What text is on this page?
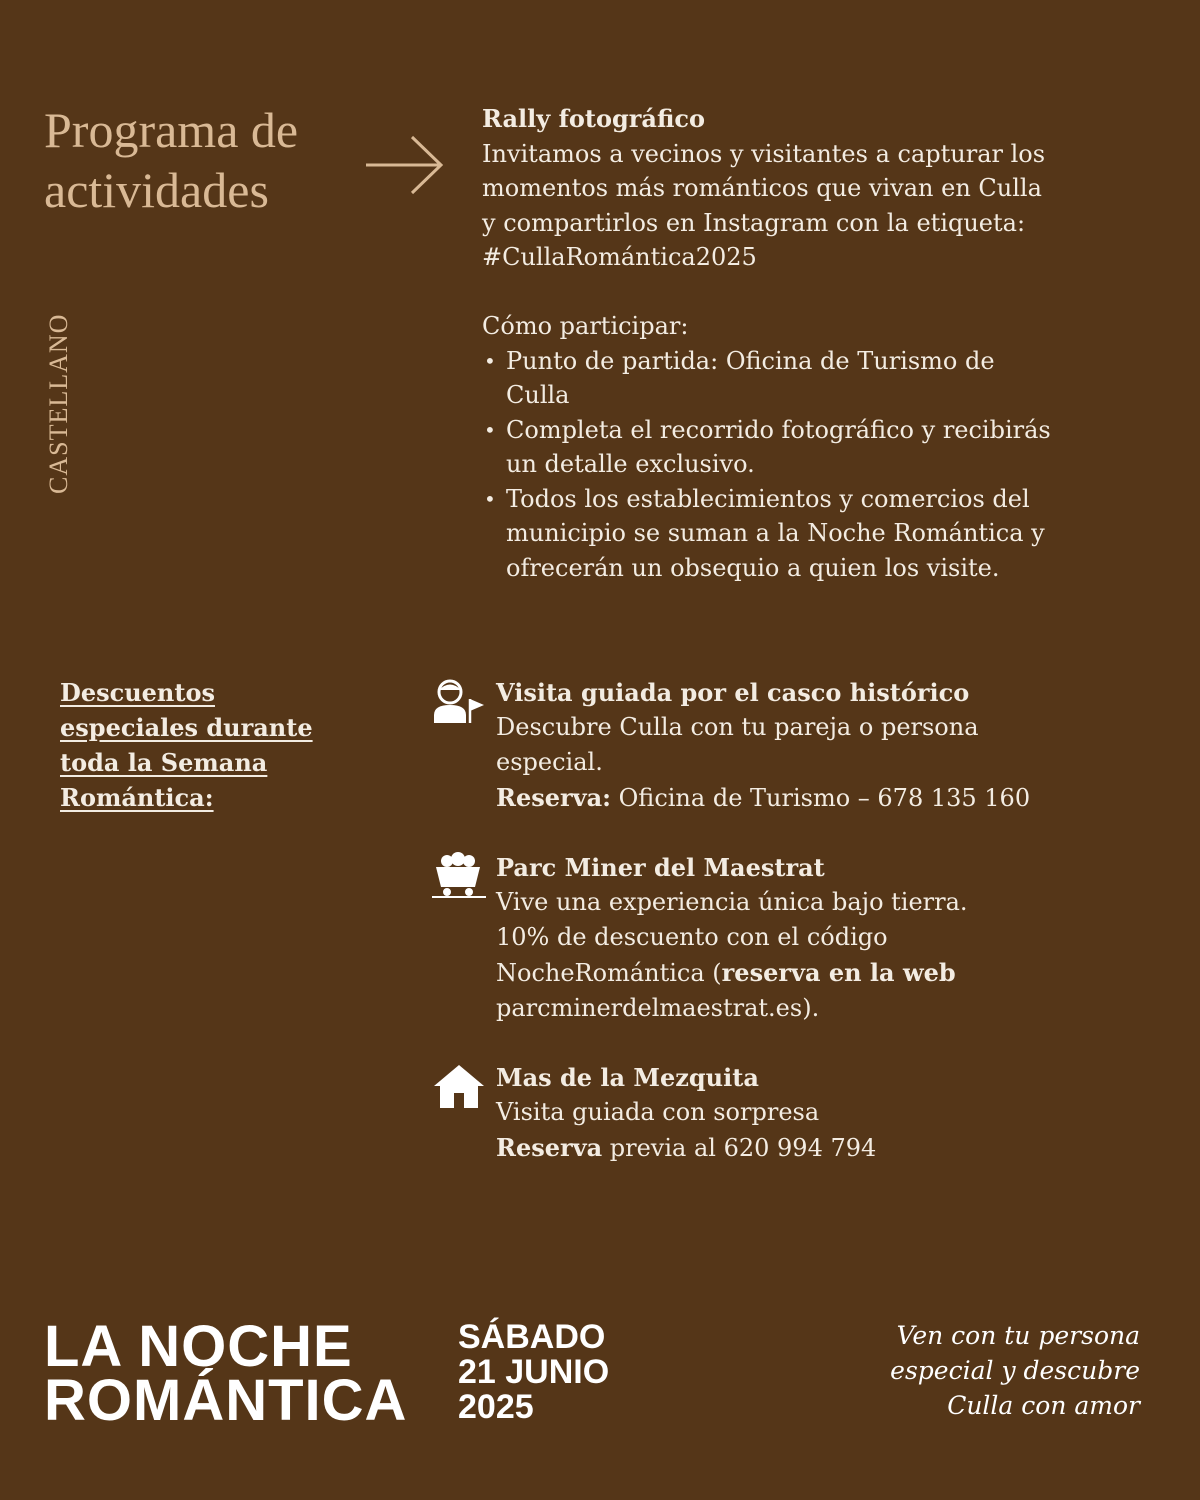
Programa de
actividades
CASTELLANO
Rally fotográfico
Invitamos a vecinos y visitantes a capturar los
momentos más románticos que vivan en Culla
y compartirlos en Instagram con la etiqueta:
#CullaRomántica2025
Cómo participar:
• Punto de partida: Oficina de Turismo de
Culla
• Completa el recorrido fotográfico y recibirás
un detalle exclusivo.
• Todos los establecimientos y comercios del
municipio se suman a la Noche Romántica y
ofrecerán un obsequio a quien los visite.
Descuentos
especiales durante
toda la Semana
Romántica:
Visita guiada por el casco histórico
Descubre Culla con tu pareja o persona
especial.
Reserva: Oficina de Turismo – 678 135 160
Parc Miner del Maestrat
Vive una experiencia única bajo tierra.
10% de descuento con el código
NocheRomántica (reserva en la web
parcminerdelmaestrat.es).
Mas de la Mezquita
Visita guiada con sorpresa
Reserva previa al 620 994 794
LA NOCHE
ROMÁNTICA
SÁBADO
21 JUNIO
2025
Ven con tu persona
especial y descubre
Culla con amor
